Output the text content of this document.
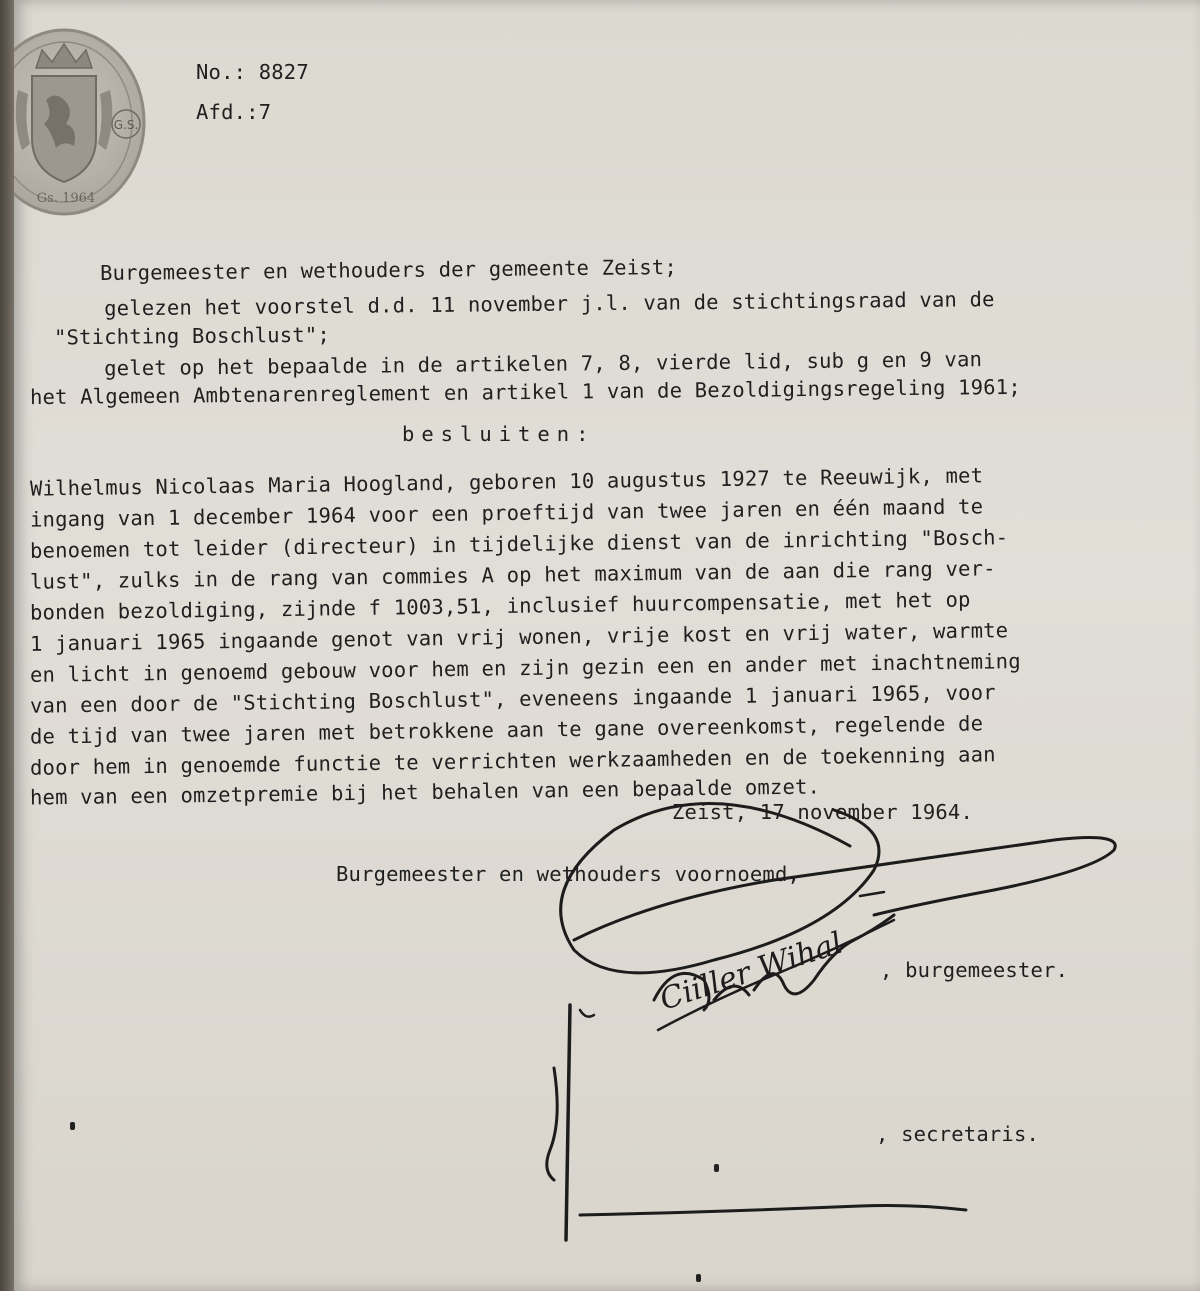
G.S.
Gs. 1964
No.: 8827
Afd.:7
Burgemeester en wethouders der gemeente Zeist;
gelezen het voorstel d.d. 11 november j.l. van de stichtingsraad van de
"Stichting Boschlust";
gelet op het bepaalde in de artikelen 7, 8, vierde lid, sub g en 9 van
het Algemeen Ambtenarenreglement en artikel 1 van de Bezoldigingsregeling 1961;
besluiten:
Wilhelmus Nicolaas Maria Hoogland, geboren 10 augustus 1927 te Reeuwijk, met
ingang van 1 december 1964 voor een proeftijd van twee jaren en één maand te
benoemen tot leider (directeur) in tijdelijke dienst van de inrichting "Bosch-
lust", zulks in de rang van commies A op het maximum van de aan die rang ver-
bonden bezoldiging, zijnde f 1003,51, inclusief huurcompensatie, met het op
1 januari 1965 ingaande genot van vrij wonen, vrije kost en vrij water, warmte
en licht in genoemd gebouw voor hem en zijn gezin een en ander met inachtneming
van een door de "Stichting Boschlust", eveneens ingaande 1 januari 1965, voor
de tijd van twee jaren met betrokkene aan te gane overeenkomst, regelende de
door hem in genoemde functie te verrichten werkzaamheden en de toekenning aan
hem van een omzetpremie bij het behalen van een bepaalde omzet.
Zeist, 17 november 1964.
Burgemeester en wethouders voornoemd,
, burgemeester.
, secretaris.
Ciiller Wihal
